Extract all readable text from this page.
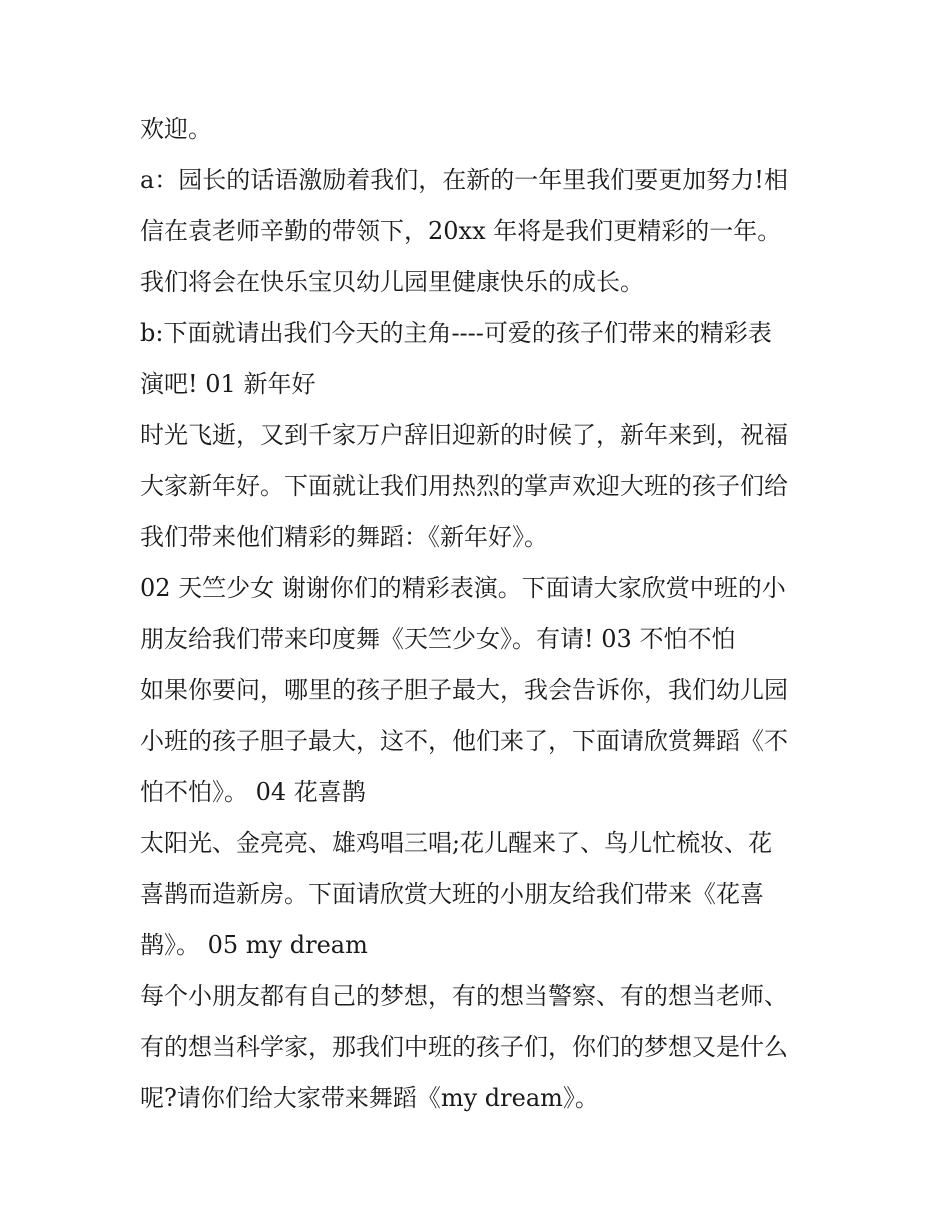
欢迎。
a：园长的话语激励着我们，在新的一年里我们要更加努力!相
信在袁老师辛勤的带领下，20xx 年将是我们更精彩的一年。
我们将会在快乐宝贝幼儿园里健康快乐的成长。
b:下面就请出我们今天的主角----可爱的孩子们带来的精彩表
演吧! 01 新年好
时光飞逝，又到千家万户辞旧迎新的时候了，新年来到，祝福
大家新年好。下面就让我们用热烈的掌声欢迎大班的孩子们给
我们带来他们精彩的舞蹈：《新年好》。
02 天竺少女 谢谢你们的精彩表演。下面请大家欣赏中班的小
朋友给我们带来印度舞《天竺少女》。有请! 03 不怕不怕
如果你要问，哪里的孩子胆子最大，我会告诉你，我们幼儿园
小班的孩子胆子最大，这不，他们来了，下面请欣赏舞蹈《不
怕不怕》。 04 花喜鹊
太阳光、金亮亮、雄鸡唱三唱;花儿醒来了、鸟儿忙梳妆、花
喜鹊而造新房。下面请欣赏大班的小朋友给我们带来《花喜
鹊》。 05 my dream
每个小朋友都有自己的梦想，有的想当警察、有的想当老师、
有的想当科学家，那我们中班的孩子们，你们的梦想又是什么
呢?请你们给大家带来舞蹈《my dream》。
